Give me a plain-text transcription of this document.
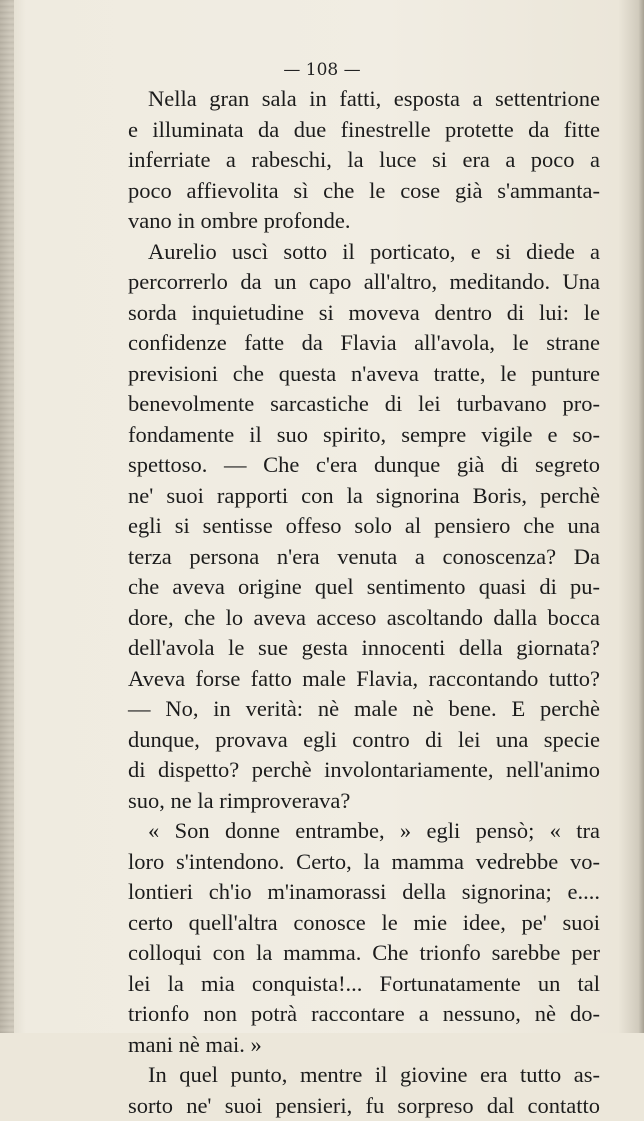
— 108 —
Nella gran sala in fatti, esposta a settentrione
e illuminata da due finestrelle protette da fitte
inferriate a rabeschi, la luce si era a poco a
poco affievolita sì che le cose già s'ammanta-
vano in ombre profonde.
Aurelio uscì sotto il porticato, e si diede a
percorrerlo da un capo all'altro, meditando. Una
sorda inquietudine si moveva dentro di lui: le
confidenze fatte da Flavia all'avola, le strane
previsioni che questa n'aveva tratte, le punture
benevolmente sarcastiche di lei turbavano pro-
fondamente il suo spirito, sempre vigile e so-
spettoso. — Che c'era dunque già di segreto
ne' suoi rapporti con la signorina Boris, perchè
egli si sentisse offeso solo al pensiero che una
terza persona n'era venuta a conoscenza? Da
che aveva origine quel sentimento quasi di pu-
dore, che lo aveva acceso ascoltando dalla bocca
dell'avola le sue gesta innocenti della giornata?
Aveva forse fatto male Flavia, raccontando tutto?
— No, in verità: nè male nè bene. E perchè
dunque, provava egli contro di lei una specie
di dispetto? perchè involontariamente, nell'animo
suo, ne la rimproverava?
« Son donne entrambe, » egli pensò; « tra
loro s'intendono. Certo, la mamma vedrebbe vo-
lontieri ch'io m'inamorassi della signorina; e....
certo quell'altra conosce le mie idee, pe' suoi
colloqui con la mamma. Che trionfo sarebbe per
lei la mia conquista!... Fortunatamente un tal
trionfo non potrà raccontare a nessuno, nè do-
mani nè mai. »
In quel punto, mentre il giovine era tutto as-
sorto ne' suoi pensieri, fu sorpreso dal contatto
